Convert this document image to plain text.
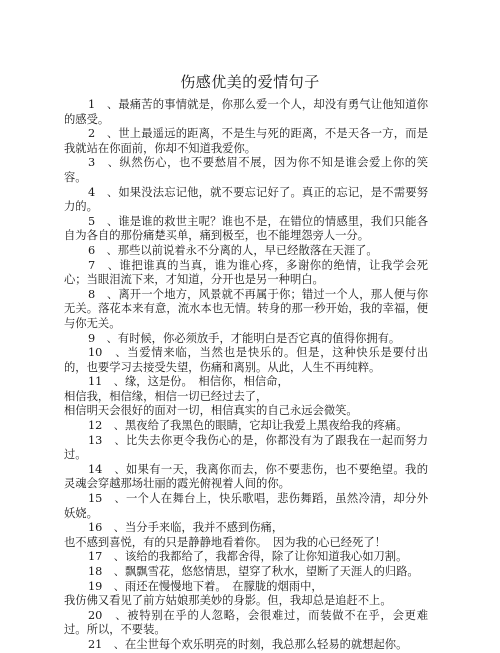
伤感优美的爱情句子

1　、最痛苦的事情就是，你那么爱一个人，却没有勇气让他知道你的感受。

2　、世上最遥远的距离，不是生与死的距离，不是天各一方，而是我就站在你面前，你却不知道我爱你。

3　、纵然伤心，也不要愁眉不展，因为你不知是谁会爱上你的笑容。

4　、如果没法忘记他，就不要忘记好了。真正的忘记，是不需要努力的。

5　、谁是谁的救世主呢？谁也不是，在错位的情感里，我们只能各自为各自的那份痛楚买单，痛到极至，也不能埋怨旁人一分。

6　、那些以前说着永不分离的人，早已经散落在天涯了。

7　、谁把谁真的当真，谁为谁心疼，多谢你的绝情，让我学会死心；当眼泪流下来，才知道，分开也是另一种明白。

8　、离开一个地方，风景就不再属于你；错过一个人，那人便与你无关。落花本来有意，流水本也无情。转身的那一秒开始，我的幸福，便与你无关。

9　、有时候，你必须放手，才能明白是否它真的值得你拥有。

10　、当爱情来临，当然也是快乐的。但是，这种快乐是要付出的，也要学习去接受失望，伤痛和离别。从此，人生不再纯粹。

11　、缘，这是份。　相信你，相信命，

相信我，相信缘，相信一切已经过去了，

相信明天会很好的面对一切，相信真实的自己永远会微笑。

12　、黑夜给了我黑色的眼睛，它却让我爱上黑夜给我的疼痛。

13　、比失去你更令我伤心的是，你都没有为了跟我在一起而努力过。

14　、如果有一天，我离你而去，你不要悲伤，也不要绝望。我的灵魂会穿越那场壮丽的霞光俯视着人间的你。

15　、一个人在舞台上，快乐歌唱，悲伤舞蹈，虽然冷清，却分外妖娆。

16　、当分手来临，我并不感到伤痛，

也不感到喜悦，有的只是静静地看着你。　因为我的心已经死了！

17　、该给的我都给了，我都舍得，除了让你知道我心如刀割。

18　、飘飘雪花，悠悠情思，望穿了秋水，望断了天涯人的归路。

19　、雨还在慢慢地下着。　在朦胧的烟雨中，

我仿佛又看见了前方姑娘那美妙的身影。但，我却总是追赶不上。

20　、被特别在乎的人忽略，会很难过，而装做不在乎，会更难过。所以，不要装。

21　、在尘世每个欢乐明亮的时刻，我总那么轻易的就想起你。
